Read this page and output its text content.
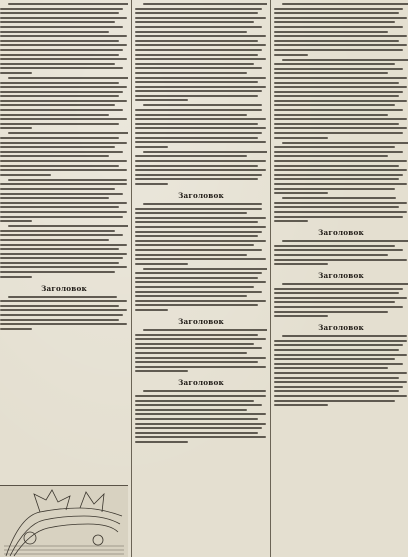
Заголовок
Заголовок
Заголовок
Заголовок
Заголовок
Заголовок
Заголовок
